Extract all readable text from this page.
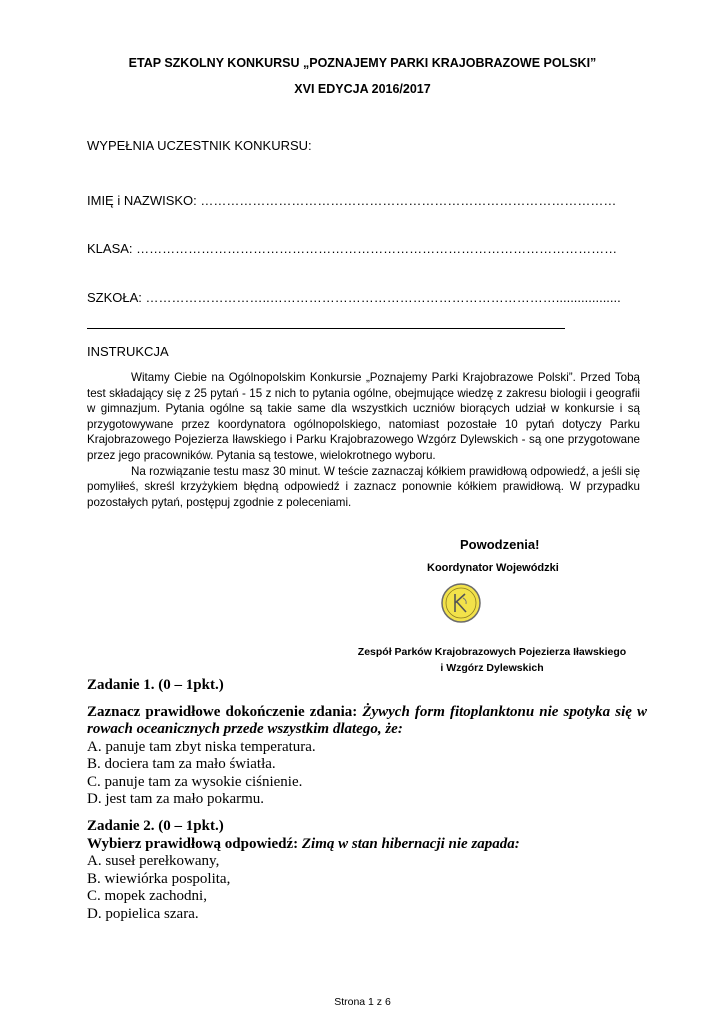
ETAP SZKOLNY KONKURSU „POZNAJEMY PARKI KRAJOBRAZOWE POLSKI”
XVI EDYCJA 2016/2017
WYPEŁNIA UCZESTNIK KONKURSU:
IMIĘ i NAZWISKO: ……………………………………………………………………………………
KLASA: …………………………………………………………………………………………………
SZKOŁA: ………………………..…………………………………………………………..................
INSTRUKCJA

Witamy Ciebie na Ogólnopolskim Konkursie „Poznajemy Parki Krajobrazowe Polski”. Przed Tobą test składający się z 25 pytań - 15 z nich to pytania ogólne, obejmujące wiedzę z zakresu biologii i geografii w gimnazjum. Pytania ogólne są takie same dla wszystkich uczniów biorących udział w konkursie i są przygotowywane przez koordynatora ogólnopolskiego, natomiast pozostałe 10 pytań dotyczy Parku Krajobrazowego Pojezierza Iławskiego i Parku Krajobrazowego Wzgórz Dylewskich - są one przygotowane przez jego pracowników. Pytania są testowe, wielokrotnego wyboru.

Na rozwiązanie testu masz 30 minut. W teście zaznaczaj kółkiem prawidłową odpowiedź, a jeśli się pomyliłeś, skreśl krzyżykiem błędną odpowiedź i zaznacz ponownie kółkiem prawidłową. W przypadku pozostałych pytań, postępuj zgodnie z poleceniami.

Powodzenia!
Koordynator Wojewódzki
Zespół Parków Krajobrazowych Pojezierza Iławskiego
i Wzgórz Dylewskich

Zadanie 1. (0 – 1pkt.)

Zaznacz prawidłowe dokończenie zdania: Żywych form fitoplanktonu nie spotyka się w rowach oceanicznych przede wszystkim dlatego, że:

A. panuje tam zbyt niska temperatura.

B. dociera tam za mało światła.

C. panuje tam za wysokie ciśnienie.

D. jest tam za mało pokarmu.

Zadanie 2. (0 – 1pkt.)

Wybierz prawidłową odpowiedź: Zimą w stan hibernacji nie zapada:

A. suseł perełkowany,

B. wiewiórka pospolita,

C. mopek zachodni,

D. popielica szara.

Strona 1 z 6
